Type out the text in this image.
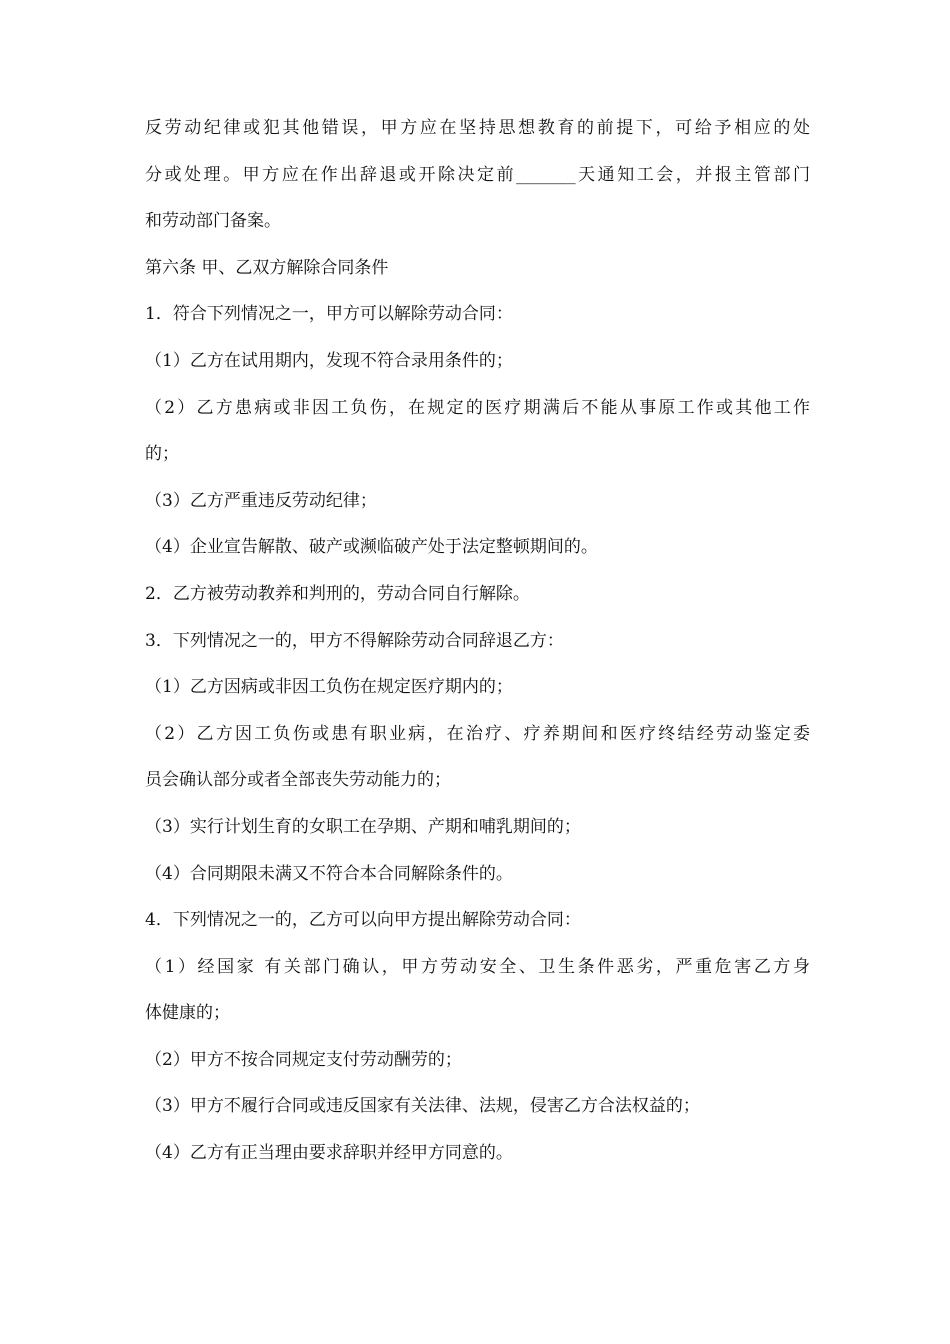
反劳动纪律或犯其他错误，甲方应在坚持思想教育的前提下，可给予相应的处
分或处理。甲方应在作出辞退或开除决定前_______天通知工会，并报主管部门
和劳动部门备案。
第六条 甲、乙双方解除合同条件
1．符合下列情况之一，甲方可以解除劳动合同：
（1）乙方在试用期内，发现不符合录用条件的；
（2）乙方患病或非因工负伤，在规定的医疗期满后不能从事原工作或其他工作
的；
（3）乙方严重违反劳动纪律；
（4）企业宣告解散、破产或濒临破产处于法定整顿期间的。
2．乙方被劳动教养和判刑的，劳动合同自行解除。
3．下列情况之一的，甲方不得解除劳动合同辞退乙方：
（1）乙方因病或非因工负伤在规定医疗期内的；
（2）乙方因工负伤或患有职业病，在治疗、疗养期间和医疗终结经劳动鉴定委
员会确认部分或者全部丧失劳动能力的；
（3）实行计划生育的女职工在孕期、产期和哺乳期间的；
（4）合同期限未满又不符合本合同解除条件的。
4．下列情况之一的，乙方可以向甲方提出解除劳动合同：
（1）经国家 有关部门确认，甲方劳动安全、卫生条件恶劣，严重危害乙方身
体健康的；
（2）甲方不按合同规定支付劳动酬劳的；
（3）甲方不履行合同或违反国家有关法律、法规，侵害乙方合法权益的；
（4）乙方有正当理由要求辞职并经甲方同意的。
